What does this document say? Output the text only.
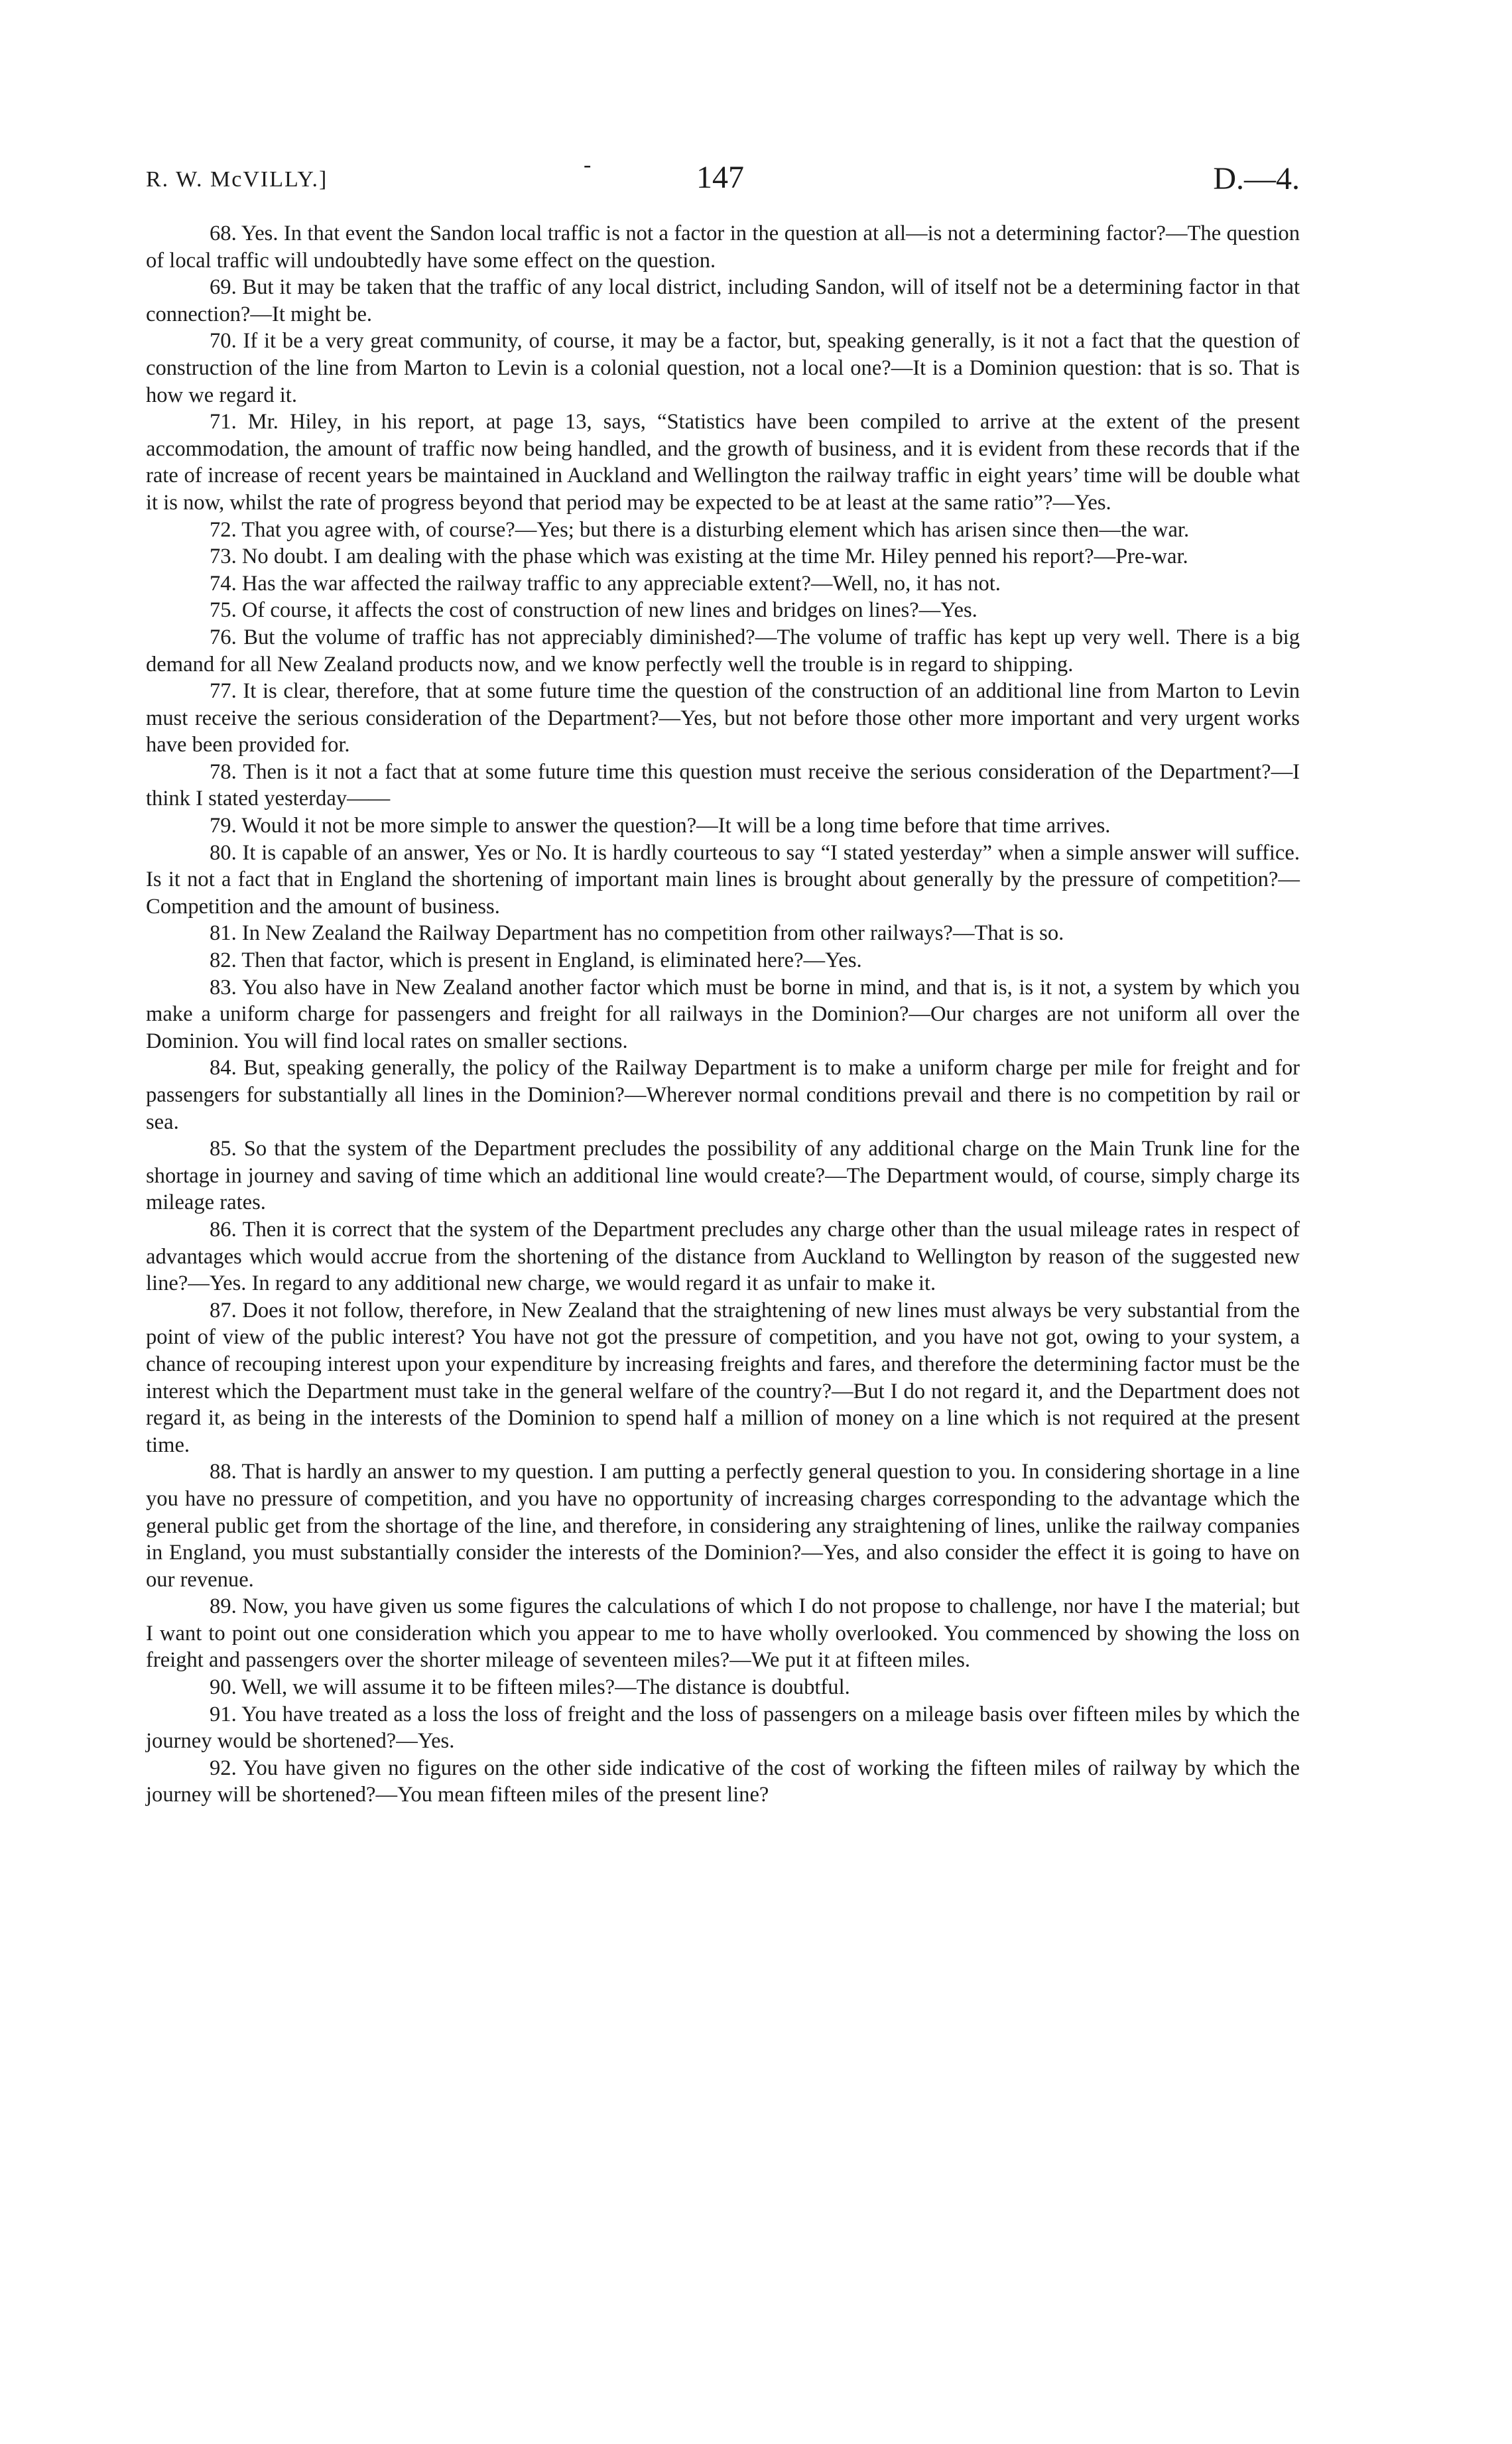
R. W. McVILLY.]
-	147	D.—4.

68. Yes. In that event the Sandon local traffic is not a factor in the question at all—is not a determining factor?—The question of local traffic will undoubtedly have some effect on the question.

69. But it may be taken that the traffic of any local district, including Sandon, will of itself not be a determining factor in that connection?—It might be.

70. If it be a very great community, of course, it may be a factor, but, speaking generally, is it not a fact that the question of construction of the line from Marton to Levin is a colonial question, not a local one?—It is a Dominion question: that is so. That is how we regard it.

71. Mr. Hiley, in his report, at page 13, says, “Statistics have been compiled to arrive at the extent of the present accommodation, the amount of traffic now being handled, and the growth of business, and it is evident from these records that if the rate of increase of recent years be maintained in Auckland and Wellington the railway traffic in eight years’ time will be double what it is now, whilst the rate of progress beyond that period may be expected to be at least at the same ratio”?—Yes.

72. That you agree with, of course?—Yes; but there is a disturbing element which has arisen since then—the war.

73. No doubt. I am dealing with the phase which was existing at the time Mr. Hiley penned his report?—Pre-war.

74. Has the war affected the railway traffic to any appreciable extent?—Well, no, it has not.

75. Of course, it affects the cost of construction of new lines and bridges on lines?—Yes.

76. But the volume of traffic has not appreciably diminished?—The volume of traffic has kept up very well. There is a big demand for all New Zealand products now, and we know perfectly well the trouble is in regard to shipping.

77. It is clear, therefore, that at some future time the question of the construction of an additional line from Marton to Levin must receive the serious consideration of the Department?—Yes, but not before those other more important and very urgent works have been provided for.

78. Then is it not a fact that at some future time this question must receive the serious consideration of the Department?—I think I stated yesterday——

79. Would it not be more simple to answer the question?—It will be a long time before that time arrives.

80. It is capable of an answer, Yes or No. It is hardly courteous to say “I stated yesterday” when a simple answer will suffice. Is it not a fact that in England the shortening of important main lines is brought about generally by the pressure of competition?—Competition and the amount of business.

81. In New Zealand the Railway Department has no competition from other railways?—That is so.

82. Then that factor, which is present in England, is eliminated here?—Yes.

83. You also have in New Zealand another factor which must be borne in mind, and that is, is it not, a system by which you make a uniform charge for passengers and freight for all railways in the Dominion?—Our charges are not uniform all over the Dominion. You will find local rates on smaller sections.

84. But, speaking generally, the policy of the Railway Department is to make a uniform charge per mile for freight and for passengers for substantially all lines in the Dominion?—Wherever normal conditions prevail and there is no competition by rail or sea.

85. So that the system of the Department precludes the possibility of any additional charge on the Main Trunk line for the shortage in journey and saving of time which an additional line would create?—The Department would, of course, simply charge its mileage rates.

86. Then it is correct that the system of the Department precludes any charge other than the usual mileage rates in respect of advantages which would accrue from the shortening of the distance from Auckland to Wellington by reason of the suggested new line?—Yes. In regard to any additional new charge, we would regard it as unfair to make it.

87. Does it not follow, therefore, in New Zealand that the straightening of new lines must always be very substantial from the point of view of the public interest? You have not got the pressure of competition, and you have not got, owing to your system, a chance of recouping interest upon your expenditure by increasing freights and fares, and therefore the determining factor must be the interest which the Department must take in the general welfare of the country?—But I do not regard it, and the Department does not regard it, as being in the interests of the Dominion to spend half a million of money on a line which is not required at the present time.

88. That is hardly an answer to my question. I am putting a perfectly general question to you. In considering shortage in a line you have no pressure of competition, and you have no opportunity of increasing charges corresponding to the advantage which the general public get from the shortage of the line, and therefore, in considering any straightening of lines, unlike the railway companies in England, you must substantially consider the interests of the Dominion?—Yes, and also consider the effect it is going to have on our revenue.

89. Now, you have given us some figures the calculations of which I do not propose to challenge, nor have I the material; but I want to point out one consideration which you appear to me to have wholly overlooked. You commenced by showing the loss on freight and passengers over the shorter mileage of seventeen miles?—We put it at fifteen miles.

90. Well, we will assume it to be fifteen miles?—The distance is doubtful.

91. You have treated as a loss the loss of freight and the loss of passengers on a mileage basis over fifteen miles by which the journey would be shortened?—Yes.

92. You have given no figures on the other side indicative of the cost of working the fifteen miles of railway by which the journey will be shortened?—You mean fifteen miles of the present line?
